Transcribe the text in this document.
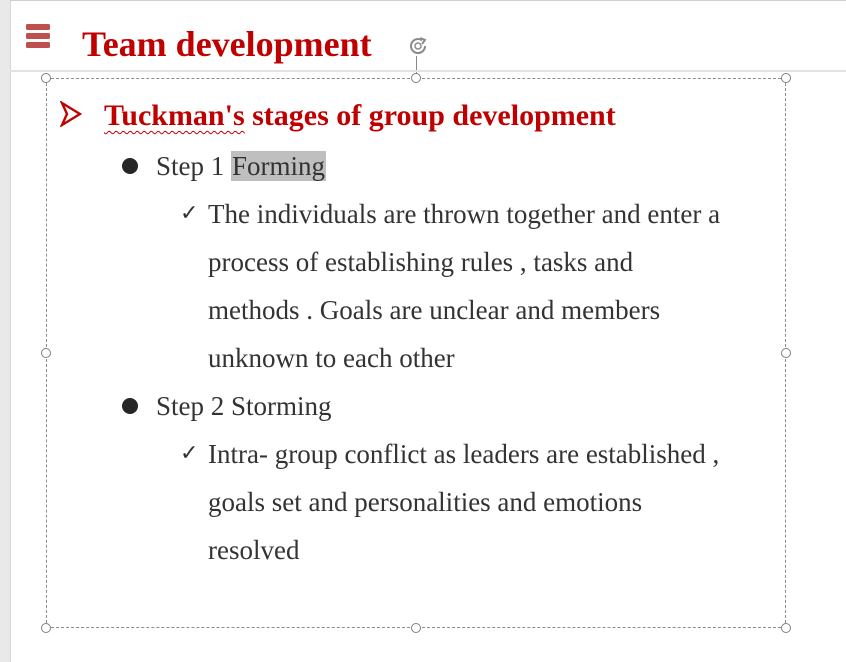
Team development
Tuckman's stages of group development
Step 1 Forming
✓ The individuals are thrown together and enter a
process of establishing rules , tasks and
methods . Goals are unclear and members
unknown to each other
Step 2 Storming
✓ Intra- group conflict as leaders are established ,
goals set and personalities and emotions
resolved
